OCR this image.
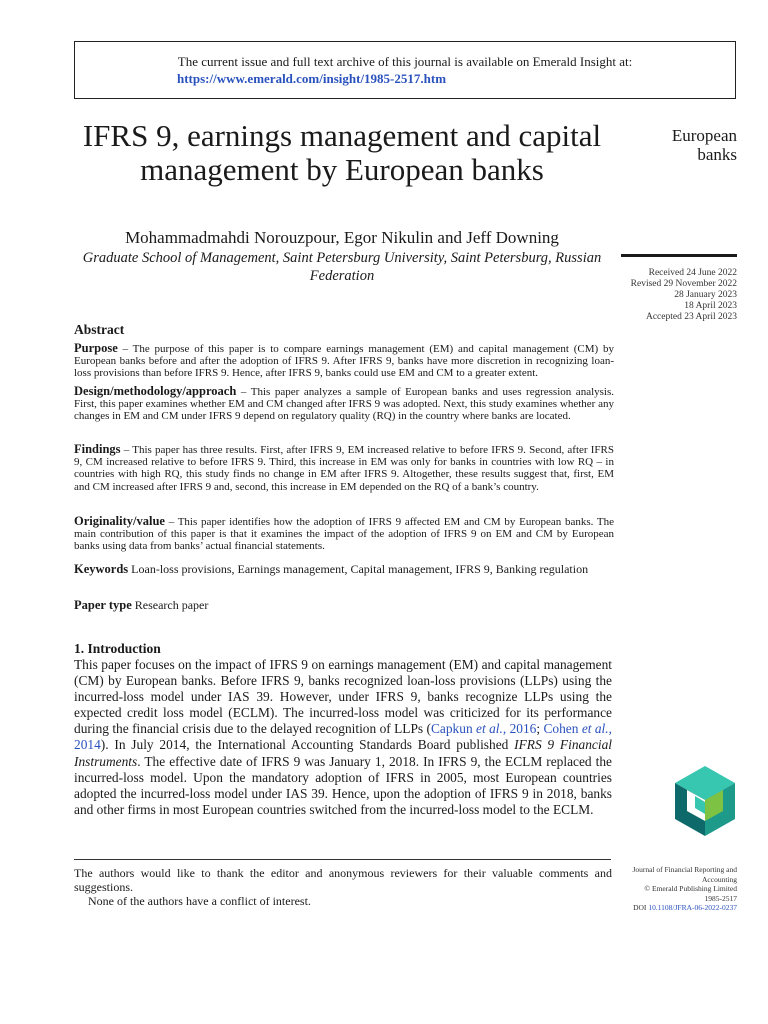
The current issue and full text archive of this journal is available on Emerald Insight at:
https://www.emerald.com/insight/1985-2517.htm
IFRS 9, earnings management and capital management by European banks
European
banks
Mohammadmahdi Norouzpour, Egor Nikulin and Jeff Downing
Graduate School of Management, Saint Petersburg University, Saint Petersburg, Russian Federation	Received 24 June 2022
Revised 29 November 2022
28 January 2023
18 April 2023
Accepted 23 April 2023
Abstract
Purpose – The purpose of this paper is to compare earnings management (EM) and capital management (CM) by European banks before and after the adoption of IFRS 9. After IFRS 9, banks have more discretion in recognizing loan-loss provisions than before IFRS 9. Hence, after IFRS 9, banks could use EM and CM to a greater extent.
Design/methodology/approach – This paper analyzes a sample of European banks and uses regression analysis. First, this paper examines whether EM and CM changed after IFRS 9 was adopted. Next, this study examines whether any changes in EM and CM under IFRS 9 depend on regulatory quality (RQ) in the country where banks are located.
Findings – This paper has three results. First, after IFRS 9, EM increased relative to before IFRS 9. Second, after IFRS 9, CM increased relative to before IFRS 9. Third, this increase in EM was only for banks in countries with low RQ – in countries with high RQ, this study finds no change in EM after IFRS 9. Altogether, these results suggest that, first, EM and CM increased after IFRS 9 and, second, this increase in EM depended on the RQ of a bank’s country.
Originality/value – This paper identifies how the adoption of IFRS 9 affected EM and CM by European banks. The main contribution of this paper is that it examines the impact of the adoption of IFRS 9 on EM and CM by European banks using data from banks’ actual financial statements.
Keywords Loan-loss provisions, Earnings management, Capital management, IFRS 9, Banking regulation
Paper type Research paper
1. Introduction
This paper focuses on the impact of IFRS 9 on earnings management (EM) and capital management (CM) by European banks. Before IFRS 9, banks recognized loan-loss provisions (LLPs) using the incurred-loss model under IAS 39. However, under IFRS 9, banks recognize LLPs using the expected credit loss model (ECLM). The incurred-loss model was criticized for its performance during the financial crisis due to the delayed recognition of LLPs (Capkun et al., 2016; Cohen et al., 2014). In July 2014, the International Accounting Standards Board published IFRS 9 Financial Instruments. The effective date of IFRS 9 was January 1, 2018. In IFRS 9, the ECLM replaced the incurred-loss model. Upon the mandatory adoption of IFRS in 2005, most European countries adopted the incurred-loss model under IAS 39. Hence, upon the adoption of IFRS 9 in 2018, banks and other firms in most European countries switched from the incurred-loss model to the ECLM.
The authors would like to thank the editor and anonymous reviewers for their valuable comments and suggestions.
None of the authors have a conflict of interest.
Journal of Financial Reporting and Accounting
© Emerald Publishing Limited
1985-2517
DOI 10.1108/JFRA-06-2022-0237
